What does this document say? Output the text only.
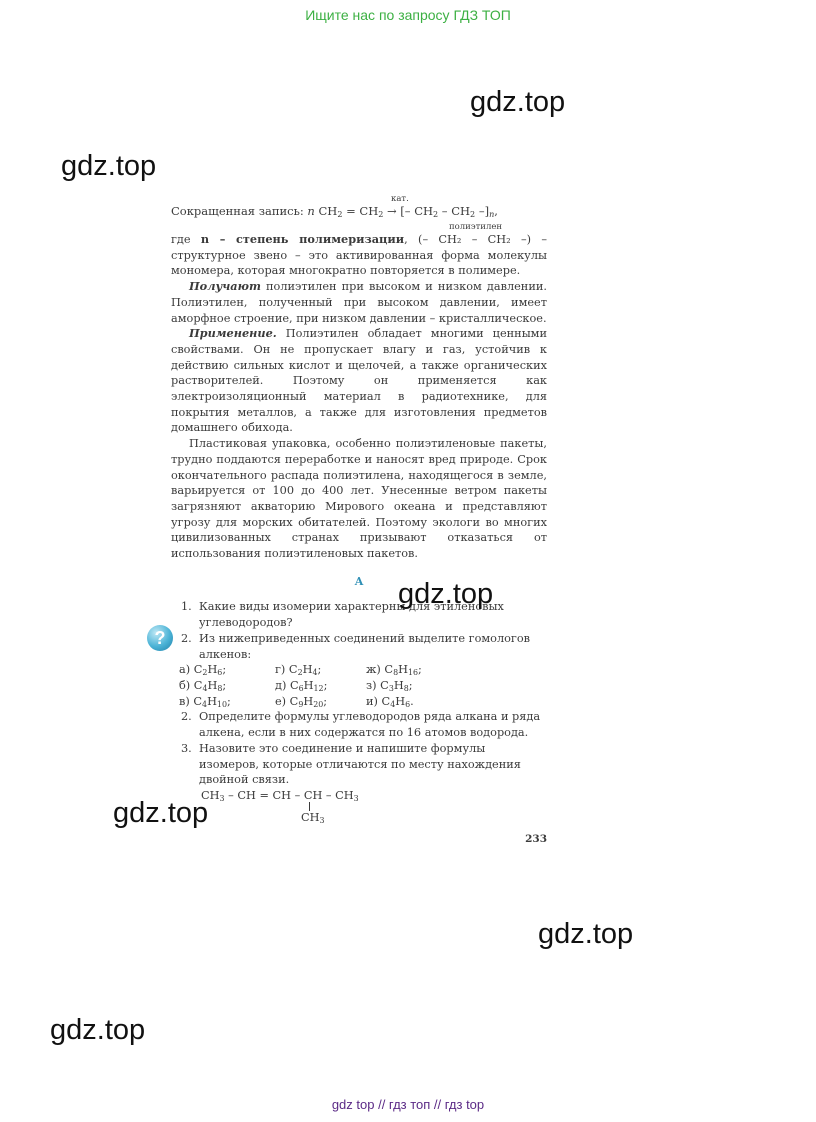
Ищите нас по запросу ГДЗ ТОП
gdz.top
gdz.top
кат.
Сокращенная запись: n $CH_2 = CH_2$ → [– $CH_2 - CH_2$ $-]_n$,
полиэтилен

где n – степень полимеризации, (– CH₂ – CH₂ –) – структурное звено – это активированная форма молекулы мономера, которая многократно повторяется в полимере.

Получают полиэтилен при высоком и низком давлении. Полиэтилен, полученный при высоком давлении, имеет аморфное строение, при низком давлении – кристаллическое.

Применение. Полиэтилен обладает многими ценными свойствами. Он не пропускает влагу и газ, устойчив к действию сильных кислот и щелочей, а также органических растворителей. Поэтому он применяется как электроизоляционный материал в радиотехнике, для покрытия металлов, а также для изготовления предметов домашнего обихода.

Пластиковая упаковка, особенно полиэтиленовые пакеты, трудно поддаются переработке и наносят вред природе. Срок окончательного распада полиэтилена, находящегося в земле, варьируется от 100 до 400 лет. Унесенные ветром пакеты загрязняют акваторию Мирового океана и представляют угрозу для морских обитателей. Поэтому экологи во многих цивилизованных странах призывают отказаться от использования полиэтиленовых пакетов.

A
1. Какие виды изомерии характерны для этиленовых углеводородов?
2. Из нижеприведенных соединений выделите гомологов алкенов:
а) $C_2H_6$;	г) $C_2H_4$;	ж) $C_8H_{16}$;
б) $C_4H_8$;	д) $C_6H_{12}$;	з) $C_3H_8$;
в) $C_4H_{10}$;	е) $C_9H_{20}$;	и) $C_4H_6$.
2. Определите формулы углеводородов ряда алкана и ряда алкена, если в них содержатся по 16 атомов водорода.
3. Назовите это соединение и напишите формулы изомеров, которые отличаются по месту нахождения двойной связи.
$CH_3$ – CH = CH – CH – $CH_3$
$CH_3$
233
?
gdz.top
gdz.top
gdz.top
gdz.top
gdz top // гдз топ // гдз top
